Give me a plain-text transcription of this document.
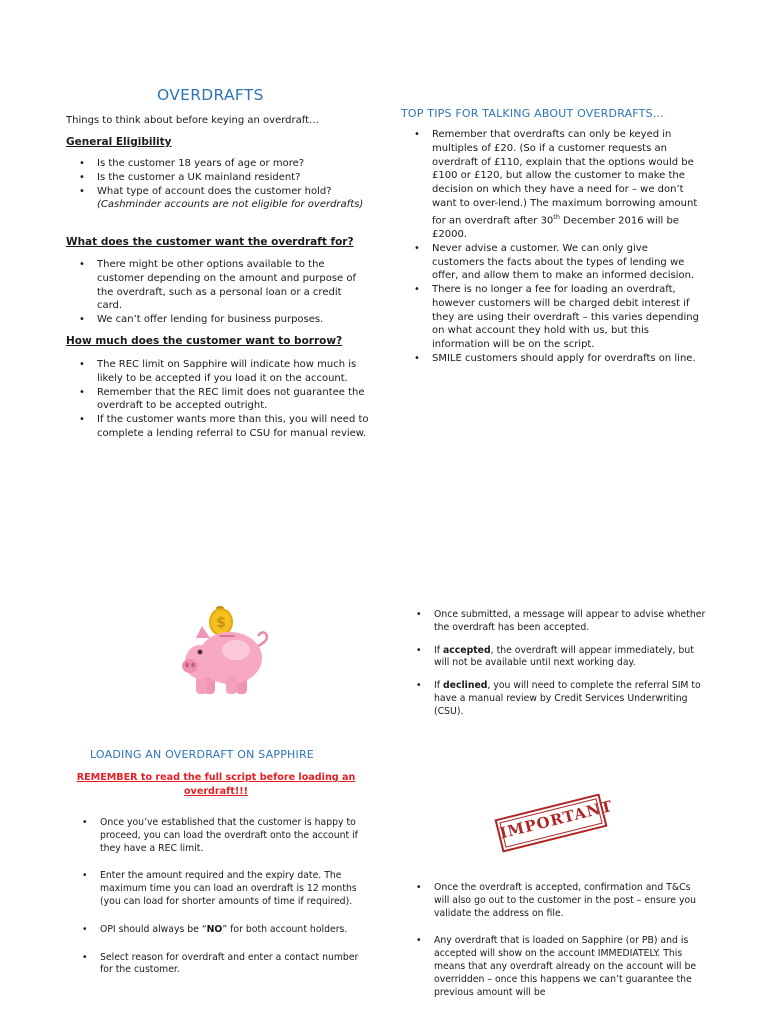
OVERDRAFTS
Things to think about before keying an overdraft…
General Eligibility
• Is the customer 18 years of age or more?
• Is the customer a UK mainland resident?
• What type of account does the customer hold?
(Cashminder accounts are not eligible for overdrafts)
What does the customer want the overdraft for?
• There might be other options available to the customer depending on the amount and purpose of the overdraft, such as a personal loan or a credit card.
• We can’t offer lending for business purposes.
How much does the customer want to borrow?
• The REC limit on Sapphire will indicate how much is likely to be accepted if you load it on the account.
• Remember that the REC limit does not guarantee the overdraft to be accepted outright.
• If the customer wants more than this, you will need to complete a lending referral to CSU for manual review.
TOP TIPS FOR TALKING ABOUT OVERDRAFTS…
• Remember that overdrafts can only be keyed in multiples of £20. (So if a customer requests an overdraft of £110, explain that the options would be £100 or £120, but allow the customer to make the decision on which they have a need for – we don’t want to over-lend.) The maximum borrowing amount for an overdraft after 30th December 2016 will be £2000.
• Never advise a customer. We can only give customers the facts about the types of lending we offer, and allow them to make an informed decision.
• There is no longer a fee for loading an overdraft, however customers will be charged debit interest if they are using their overdraft – this varies depending on what account they hold with us, but this information will be on the script.
• SMILE customers should apply for overdrafts on line.
$
• Once submitted, a message will appear to advise whether the overdraft has been accepted.
• If accepted, the overdraft will appear immediately, but will not be available until next working day.
• If declined, you will need to complete the referral SIM to have a manual review by Credit Services Underwriting (CSU).
LOADING AN OVERDRAFT ON SAPPHIRE
REMEMBER to read the full script before loading an overdraft!!!
• Once you’ve established that the customer is happy to proceed, you can load the overdraft onto the account if they have a REC limit.
• Enter the amount required and the expiry date. The maximum time you can load an overdraft is 12 months (you can load for shorter amounts of time if required).
• OPI should always be “NO” for both account holders.
• Select reason for overdraft and enter a contact number for the customer.
IMPORTANT
• Once the overdraft is accepted, confirmation and T&Cs will also go out to the customer in the post – ensure you validate the address on file.
• Any overdraft that is loaded on Sapphire (or PB) and is accepted will show on the account IMMEDIATELY. This means that any overdraft already on the account will be overridden – once this happens we can’t guarantee the previous amount will be
